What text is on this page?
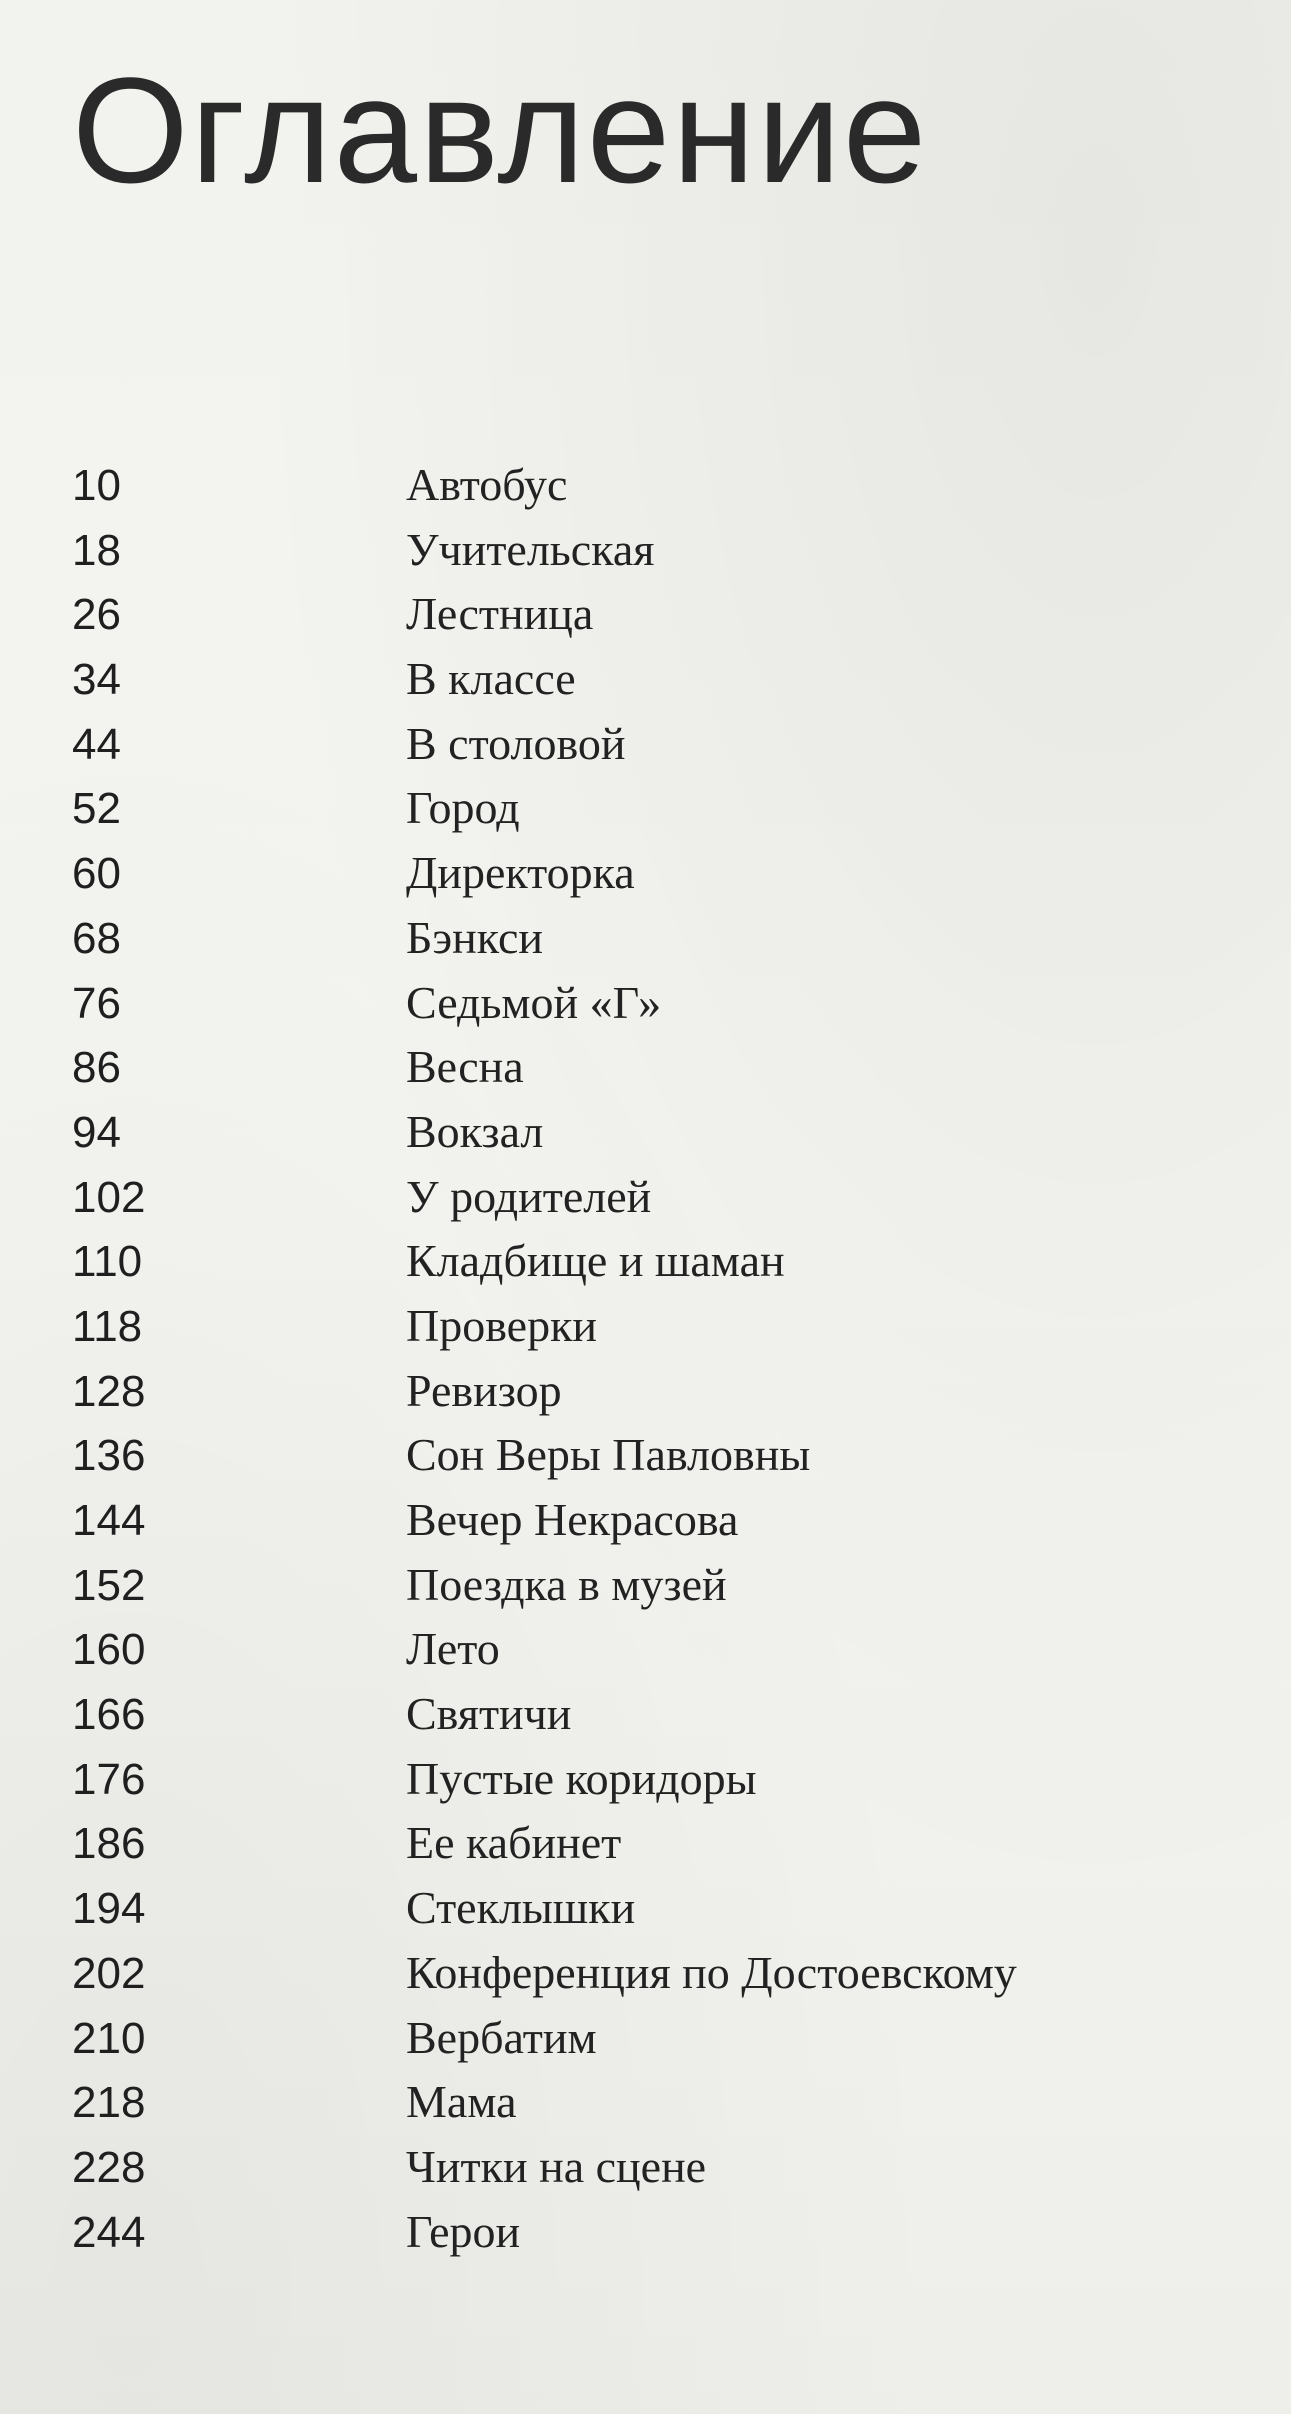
Оглавление
10	Автобус
18	Учительская
26	Лестница
34	В классе
44	В столовой
52	Город
60	Директорка
68	Бэнкси
76	Седьмой «Г»
86	Весна
94	Вокзал
102	У родителей
110	Кладбище и шаман
118	Проверки
128	Ревизор
136	Сон Веры Павловны
144	Вечер Некрасова
152	Поездка в музей
160	Лето
166	Святичи
176	Пустые коридоры
186	Ее кабинет
194	Стеклышки
202	Конференция по Достоевскому
210	Вербатим
218	Мама
228	Читки на сцене
244	Герои
